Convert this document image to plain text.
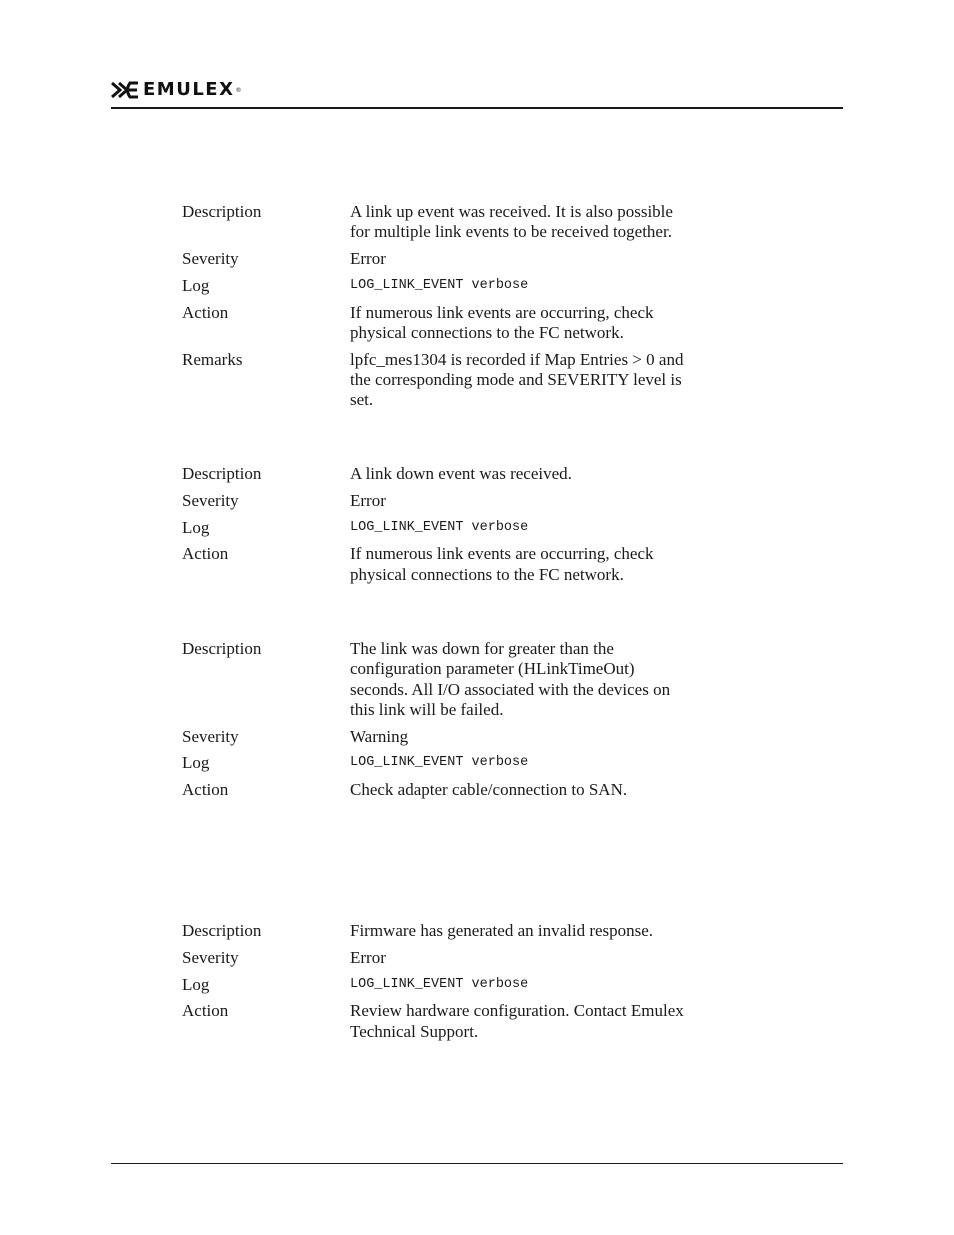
EMULEX ®
Description	A link up event was received. It is also possible
for multiple link events to be received together.
Severity	Error
Log	LOG_LINK_EVENT verbose
Action	If numerous link events are occurring, check
physical connections to the FC network.
Remarks	lpfc_mes1304 is recorded if Map Entries > 0 and
the corresponding mode and SEVERITY level is
set.
Description	A link down event was received.
Severity	Error
Log	LOG_LINK_EVENT verbose
Action	If numerous link events are occurring, check
physical connections to the FC network.
Description	The link was down for greater than the
configuration parameter (HLinkTimeOut)
seconds. All I/O associated with the devices on
this link will be failed.
Severity	Warning
Log	LOG_LINK_EVENT verbose
Action	Check adapter cable/connection to SAN.
Description	Firmware has generated an invalid response.
Severity	Error
Log	LOG_LINK_EVENT verbose
Action	Review hardware configuration. Contact Emulex
Technical Support.
